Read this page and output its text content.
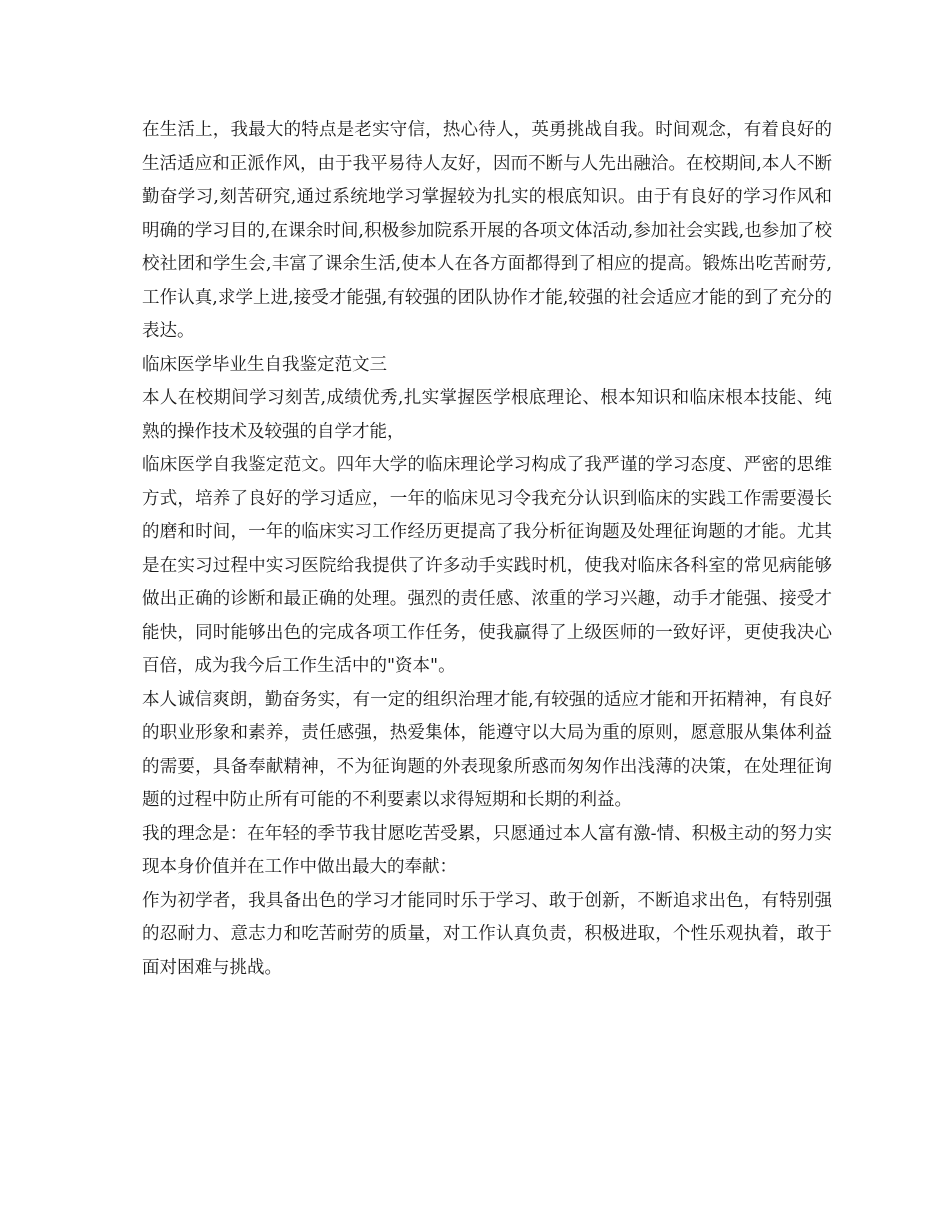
在生活上，我最大的特点是老实守信，热心待人，英勇挑战自我。时间观念，有着良好的生活适应和正派作风，由于我平易待人友好，因而不断与人先出融洽。在校期间,本人不断勤奋学习,刻苦研究,通过系统地学习掌握较为扎实的根底知识。由于有良好的学习作风和明确的学习目的,在课余时间,积极参加院系开展的各项文体活动,参加社会实践,也参加了校校社团和学生会,丰富了课余生活,使本人在各方面都得到了相应的提高。锻炼出吃苦耐劳,工作认真,求学上进,接受才能强,有较强的团队协作才能,较强的社会适应才能的到了充分的表达。

临床医学毕业生自我鉴定范文三

本人在校期间学习刻苦,成绩优秀,扎实掌握医学根底理论、根本知识和临床根本技能、纯熟的操作技术及较强的自学才能，

临床医学自我鉴定范文。四年大学的临床理论学习构成了我严谨的学习态度、严密的思维方式，培养了良好的学习适应，一年的临床见习令我充分认识到临床的实践工作需要漫长的磨和时间，一年的临床实习工作经历更提高了我分析征询题及处理征询题的才能。尤其是在实习过程中实习医院给我提供了许多动手实践时机，使我对临床各科室的常见病能够做出正确的诊断和最正确的处理。强烈的责任感、浓重的学习兴趣，动手才能强、接受才能快，同时能够出色的完成各项工作任务，使我赢得了上级医师的一致好评，更使我决心百倍，成为我今后工作生活中的"资本"。

本人诚信爽朗，勤奋务实，有一定的组织治理才能,有较强的适应才能和开拓精神，有良好的职业形象和素养，责任感强，热爱集体，能遵守以大局为重的原则，愿意服从集体利益的需要，具备奉献精神，不为征询题的外表现象所惑而匆匆作出浅薄的决策，在处理征询题的过程中防止所有可能的不利要素以求得短期和长期的利益。

我的理念是：在年轻的季节我甘愿吃苦受累，只愿通过本人富有激-情、积极主动的努力实现本身价值并在工作中做出最大的奉献：

作为初学者，我具备出色的学习才能同时乐于学习、敢于创新，不断追求出色，有特别强的忍耐力、意志力和吃苦耐劳的质量，对工作认真负责，积极进取，个性乐观执着，敢于面对困难与挑战。
